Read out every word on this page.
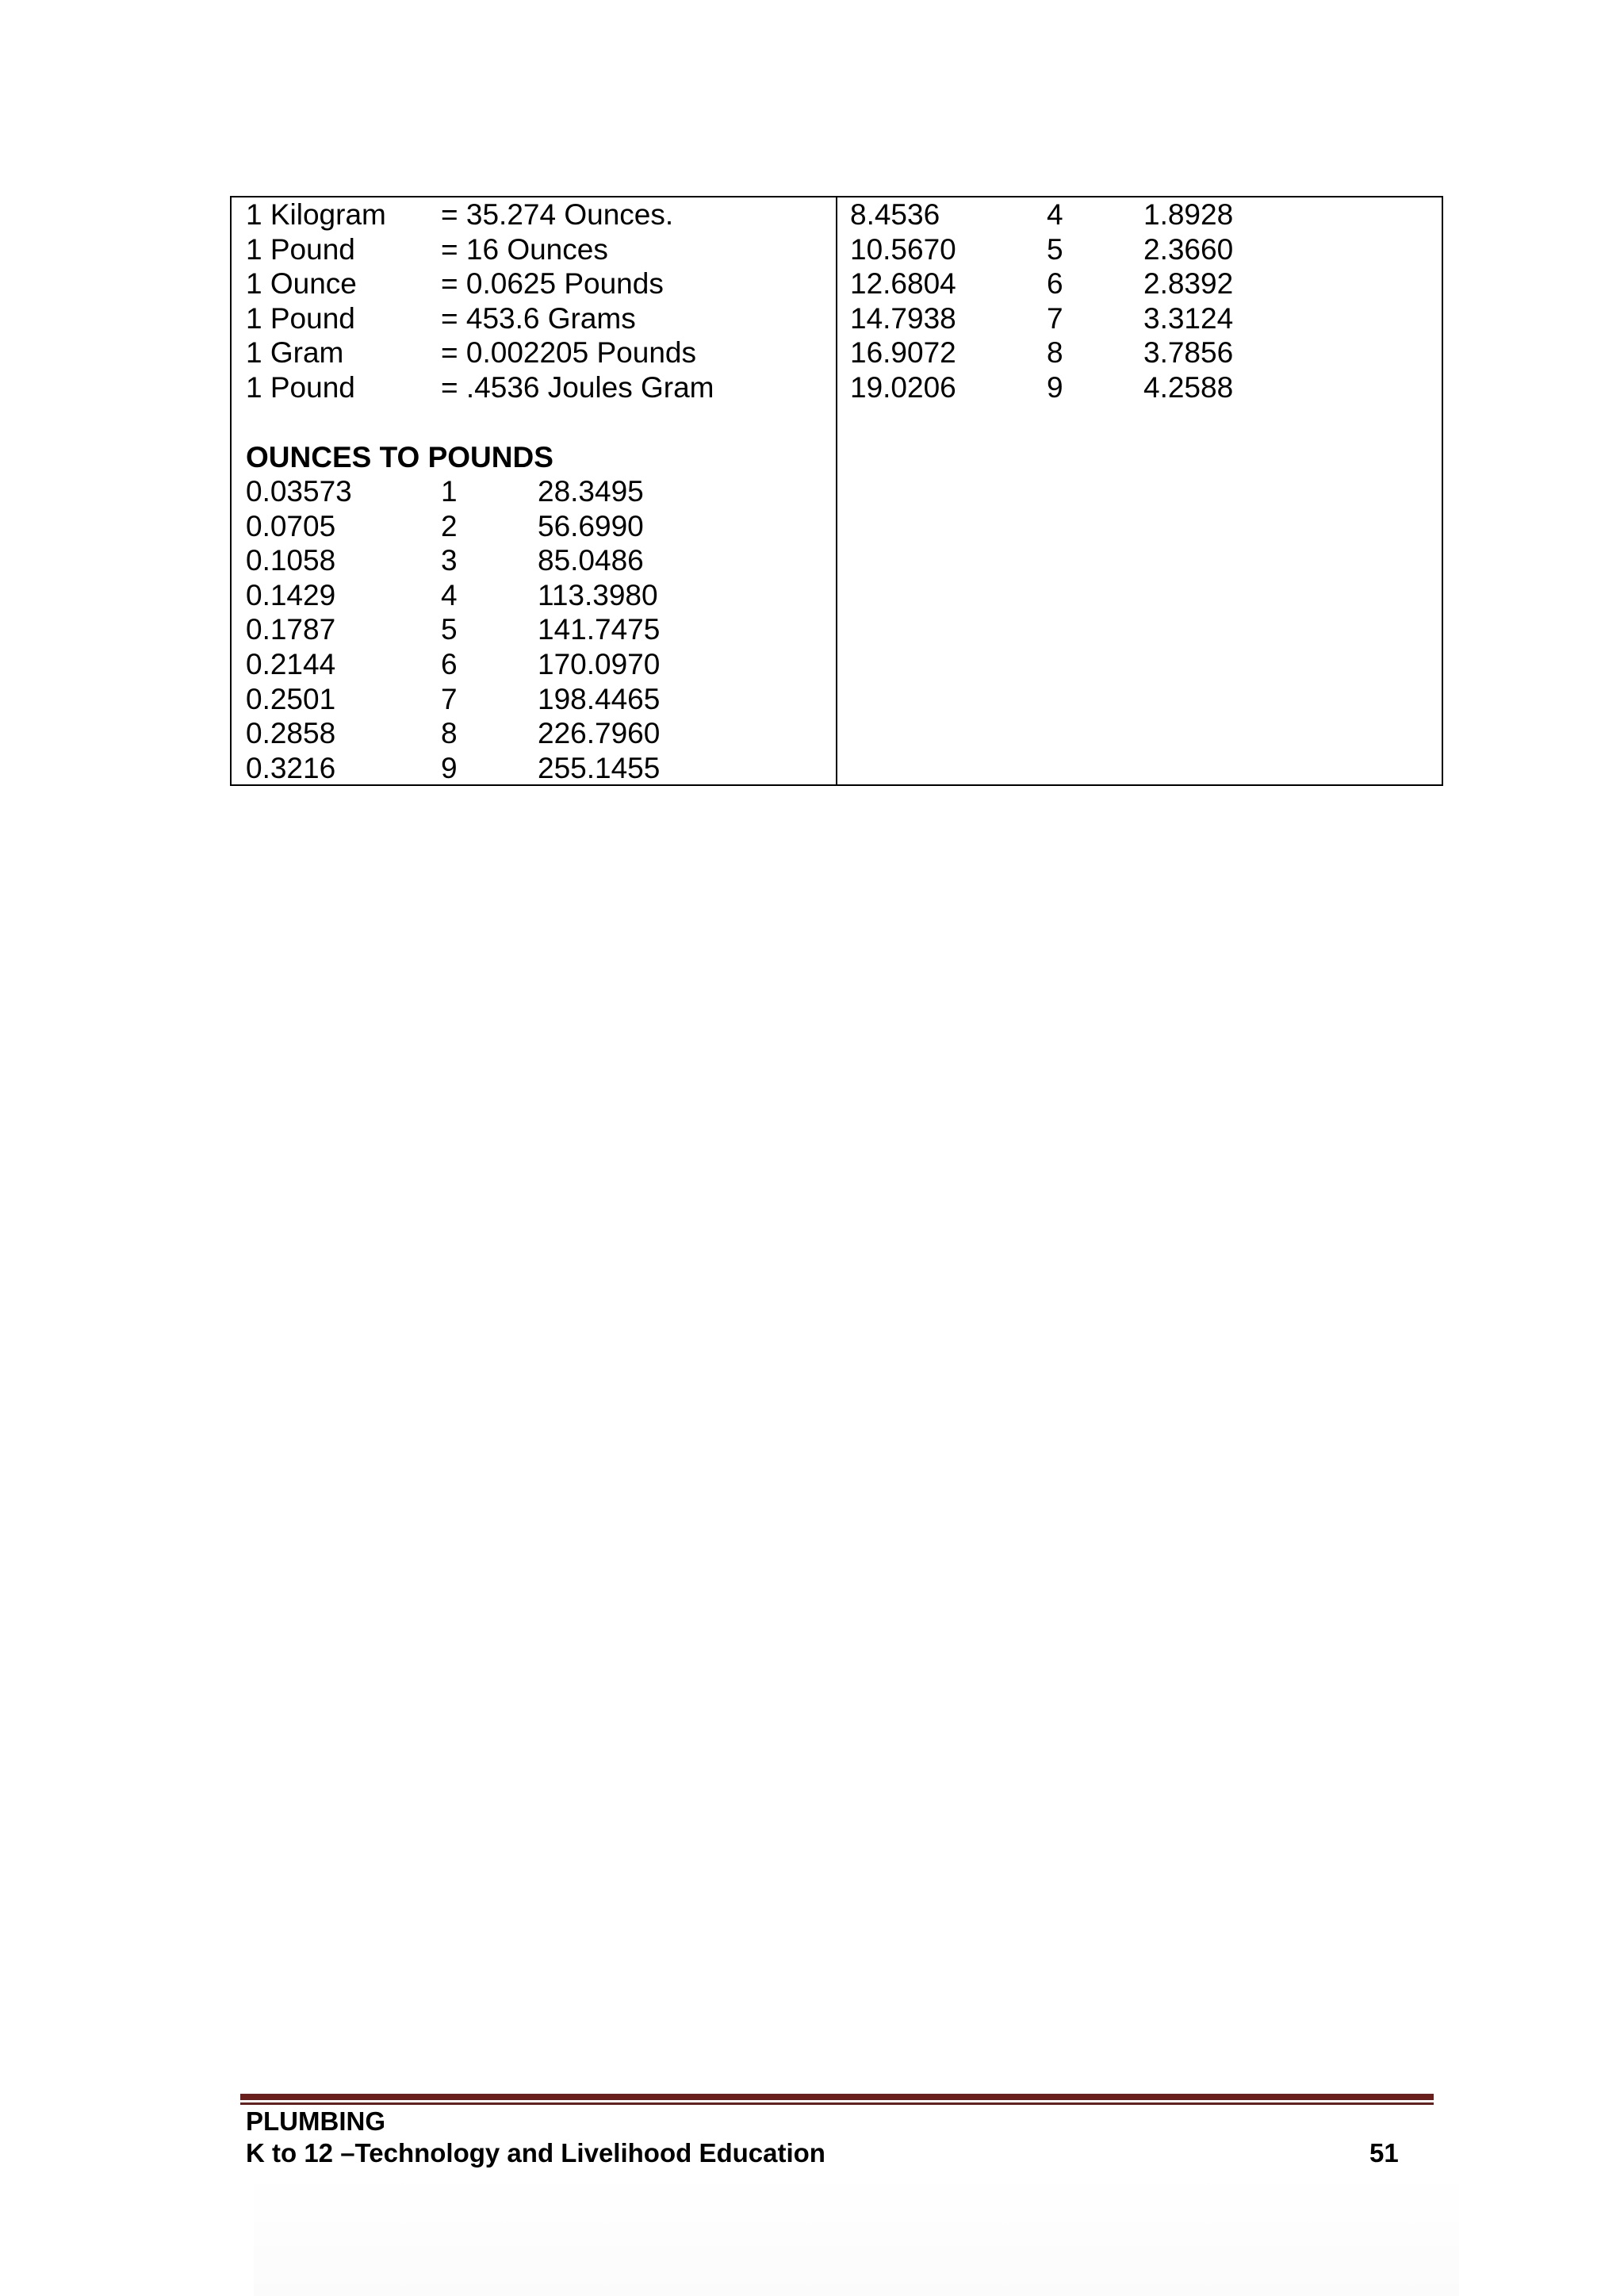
1 Kilogram = 35.274 Ounces.
1 Pound	= 16 Ounces
1 Ounce	= 0.0625 Pounds
1 Pound	= 453.6 Grams
1 Gram	= 0.002205 Pounds
1 Pound	= .4536 Joules Gram
OUNCES TO POUNDS
0.03573	1	28.3495
0.0705	2	56.6990
0.1058	3	85.0486
0.1429	4	113.3980
0.1787	5	141.7475
0.2144	6	170.0970
0.2501	7	198.4465
0.2858	8	226.7960
0.3216	9	255.1455
8.4536	4	1.8928
10.5670	5	2.3660
12.6804	6	2.8392
14.7938	7	3.3124
16.9072	8	3.7856
19.0206	9	4.2588
PLUMBING
K to 12 –Technology and Livelihood Education	51
